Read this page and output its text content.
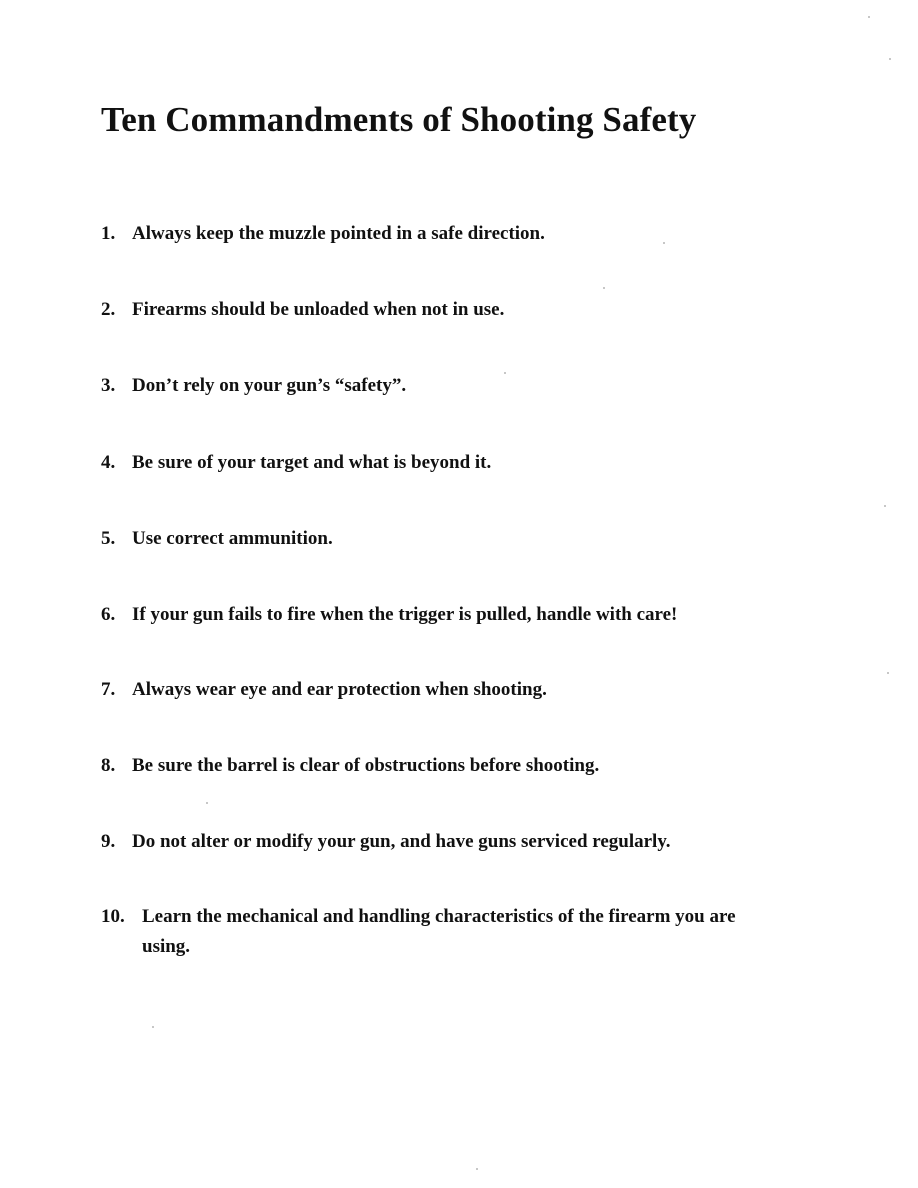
Ten Commandments of Shooting Safety
1. Always keep the muzzle pointed in a safe direction.
2. Firearms should be unloaded when not in use.
3. Don’t rely on your gun’s “safety”.
4. Be sure of your target and what is beyond it.
5. Use correct ammunition.
6. If your gun fails to fire when the trigger is pulled, handle with care!
7. Always wear eye and ear protection when shooting.
8. Be sure the barrel is clear of obstructions before shooting.
9. Do not alter or modify your gun, and have guns serviced regularly.
10. Learn the mechanical and handling characteristics of the firearm you are using.
